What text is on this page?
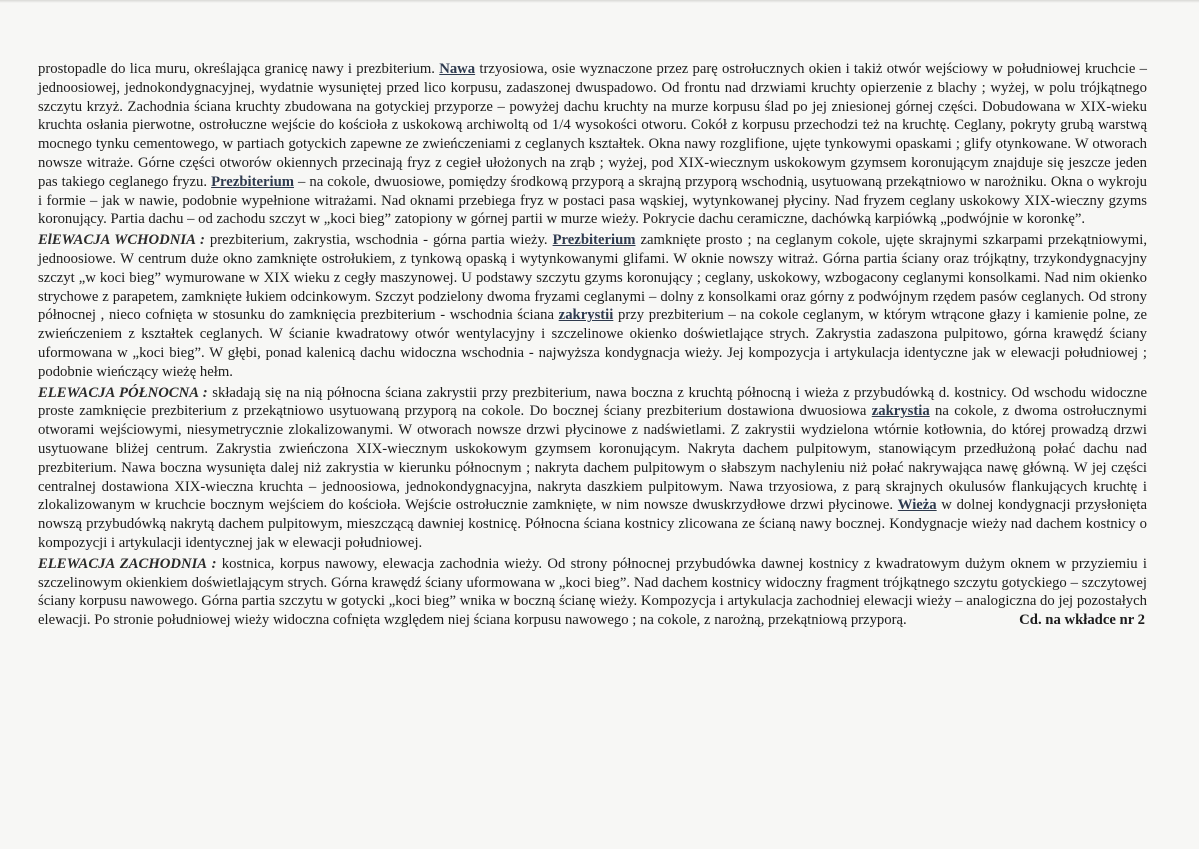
prostopadle do lica muru, określająca granicę nawy i prezbiterium. Nawa trzyosiowa, osie wyznaczone przez parę ostrołucznych okien i takiż otwór wejściowy w południowej kruchcie – jednoosiowej, jednokondygnacyjnej, wydatnie wysuniętej przed lico korpusu, zadaszonej dwuspadowo. Od frontu nad drzwiami kruchty opierzenie z blachy ; wyżej, w polu trójkątnego szczytu krzyż. Zachodnia ściana kruchty zbudowana na gotyckiej przyporze – powyżej dachu kruchty na murze korpusu ślad po jej zniesionej górnej części. Dobudowana w XIX-wieku kruchta osłania pierwotne, ostrołuczne wejście do kościoła z uskokową archiwoltą od 1/4 wysokości otworu. Cokół z korpusu przechodzi też na kruchtę. Ceglany, pokryty grubą warstwą mocnego tynku cementowego, w partiach gotyckich zapewne ze zwieńczeniami z ceglanych kształtek. Okna nawy rozglifione, ujęte tynkowymi opaskami ; glify otynkowane. W otworach nowsze witraże. Górne części otworów okiennych przecinają fryz z cegieł ułożonych na zrąb ; wyżej, pod XIX-wiecznym uskokowym gzymsem koronującym znajduje się jeszcze jeden pas takiego ceglanego fryzu. Prezbiterium – na cokole, dwuosiowe, pomiędzy środkową przyporą a skrajną przyporą wschodnią, usytuowaną przekątniowo w narożniku. Okna o wykroju i formie – jak w nawie, podobnie wypełnione witrażami. Nad oknami przebiega fryz w postaci pasa wąskiej, wytynkowanej płyciny. Nad fryzem ceglany uskokowy XIX-wieczny gzyms koronujący. Partia dachu – od zachodu szczyt w „koci bieg” zatopiony w górnej partii w murze wieży. Pokrycie dachu ceramiczne, dachówką karpiówką „podwójnie w koronkę”.

ElEWACJA WCHODNIA : prezbiterium, zakrystia, wschodnia - górna partia wieży. Prezbiterium zamknięte prosto ; na ceglanym cokole, ujęte skrajnymi szkarpami przekątniowymi, jednoosiowe. W centrum duże okno zamknięte ostrołukiem, z tynkową opaską i wytynkowanymi glifami. W oknie nowszy witraż. Górna partia ściany oraz trójkątny, trzykondygnacyjny szczyt „w koci bieg” wymurowane w XIX wieku z cegły maszynowej. U podstawy szczytu gzyms koronujący ; ceglany, uskokowy, wzbogacony ceglanymi konsolkami. Nad nim okienko strychowe z parapetem, zamknięte łukiem odcinkowym. Szczyt podzielony dwoma fryzami ceglanymi – dolny z konsolkami oraz górny z podwójnym rzędem pasów ceglanych. Od strony północnej , nieco cofnięta w stosunku do zamknięcia prezbiterium - wschodnia ściana zakrystii przy prezbiterium – na cokole ceglanym, w którym wtrącone głazy i kamienie polne, ze zwieńczeniem z kształtek ceglanych. W ścianie kwadratowy otwór wentylacyjny i szczelinowe okienko doświetlające strych. Zakrystia zadaszona pulpitowo, górna krawędź ściany uformowana w „koci bieg”. W głębi, ponad kalenicą dachu widoczna wschodnia - najwyższa kondygnacja wieży. Jej kompozycja i artykulacja identyczne jak w elewacji południowej ; podobnie wieńczący wieżę hełm.

ELEWACJA PÓŁNOCNA : składają się na nią północna ściana zakrystii przy prezbiterium, nawa boczna z kruchtą północną i wieża z przybudówką d. kostnicy. Od wschodu widoczne proste zamknięcie prezbiterium z przekątniowo usytuowaną przyporą na cokole. Do bocznej ściany prezbiterium dostawiona dwuosiowa zakrystia na cokole, z dwoma ostrołucznymi otworami wejściowymi, niesymetrycznie zlokalizowanymi. W otworach nowsze drzwi płycinowe z nadświetlami. Z zakrystii wydzielona wtórnie kotłownia, do której prowadzą drzwi usytuowane bliżej centrum. Zakrystia zwieńczona XIX-wiecznym uskokowym gzymsem koronującym. Nakryta dachem pulpitowym, stanowiącym przedłużoną połać dachu nad prezbiterium. Nawa boczna wysunięta dalej niż zakrystia w kierunku północnym ; nakryta dachem pulpitowym o słabszym nachyleniu niż połać nakrywająca nawę główną. W jej części centralnej dostawiona XIX-wieczna kruchta – jednoosiowa, jednokondygnacyjna, nakryta daszkiem pulpitowym. Nawa trzyosiowa, z parą skrajnych okulusów flankujących kruchtę i zlokalizowanym w kruchcie bocznym wejściem do kościoła. Wejście ostrołucznie zamknięte, w nim nowsze dwuskrzydłowe drzwi płycinowe. Wieża w dolnej kondygnacji przysłonięta nowszą przybudówką nakrytą dachem pulpitowym, mieszczącą dawniej kostnicę. Północna ściana kostnicy zlicowana ze ścianą nawy bocznej. Kondygnacje wieży nad dachem kostnicy o kompozycji i artykulacji identycznej jak w elewacji południowej.

ELEWACJA ZACHODNIA : kostnica, korpus nawowy, elewacja zachodnia wieży. Od strony północnej przybudówka dawnej kostnicy z kwadratowym dużym oknem w przyziemiu i szczelinowym okienkiem doświetlającym strych. Górna krawędź ściany uformowana w „koci bieg”. Nad dachem kostnicy widoczny fragment trójkątnego szczytu gotyckiego – szczytowej ściany korpusu nawowego. Górna partia szczytu w gotycki „koci bieg” wnika w boczną ścianę wieży. Kompozycja i artykulacja zachodniej elewacji wieży – analogiczna do jej pozostałych elewacji. Po stronie południowej wieży widoczna cofnięta względem niej ściana korpusu nawowego ; na cokole, z narożną, przekątniową przyporą.	Cd. na wkładce nr 2
